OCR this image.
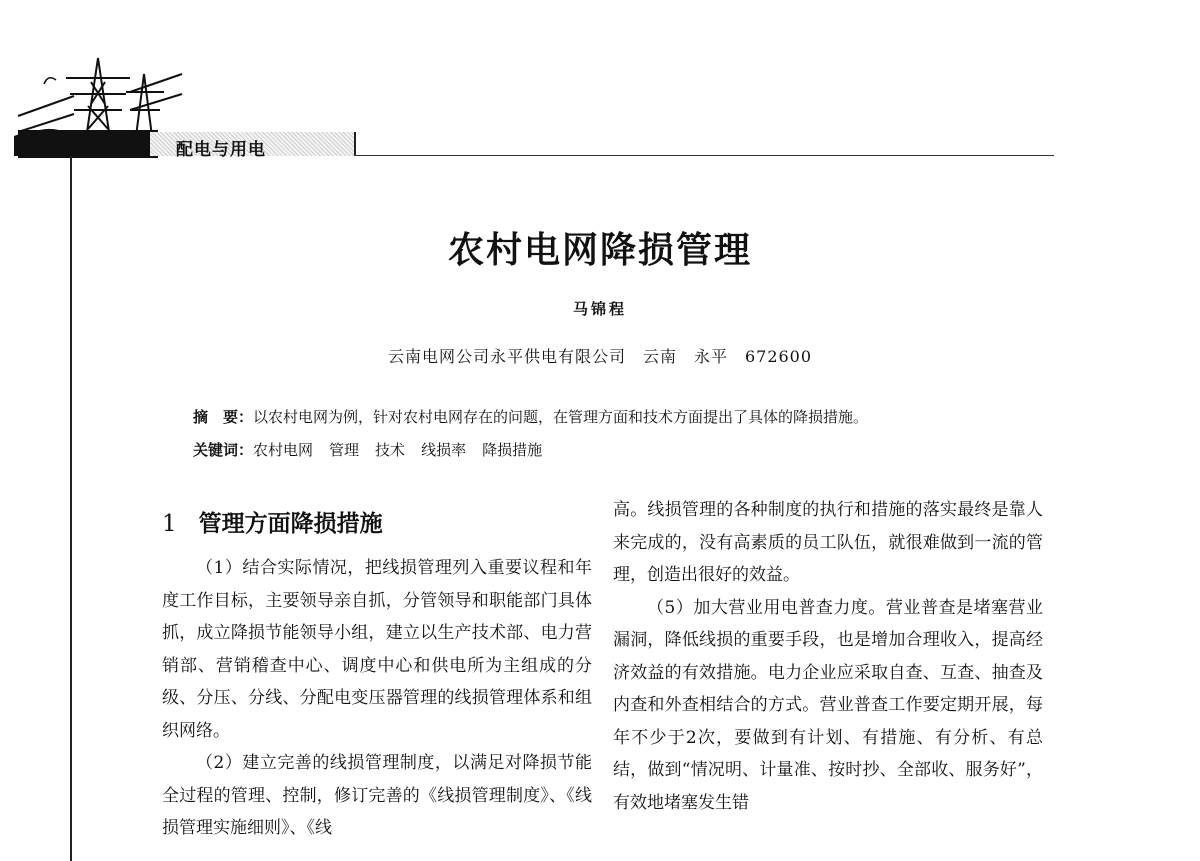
配电与用电
农村电网降损管理
马锦程
云南电网公司永平供电有限公司　云南　永平　672600
摘　要：以农村电网为例，针对农村电网存在的问题，在管理方面和技术方面提出了具体的降损措施。
关键词：农村电网 管理 技术 线损率 降损措施
1 管理方面降损措施

（1）结合实际情况，把线损管理列入重要议程和年度工作目标，主要领导亲自抓，分管领导和职能部门具体抓，成立降损节能领导小组，建立以生产技术部、电力营销部、营销稽查中心、调度中心和供电所为主组成的分级、分压、分线、分配电变压器管理的线损管理体系和组织网络。

（2）建立完善的线损管理制度，以满足对降损节能全过程的管理、控制，修订完善的《线损管理制度》、《线损管理实施细则》、《线

高。线损管理的各种制度的执行和措施的落实最终是靠人来完成的，没有高素质的员工队伍，就很难做到一流的管理，创造出很好的效益。

（5）加大营业用电普查力度。营业普查是堵塞营业漏洞，降低线损的重要手段，也是增加合理收入，提高经济效益的有效措施。电力企业应采取自查、互查、抽查及内查和外查相结合的方式。营业普查工作要定期开展，每年不少于2次，要做到有计划、有措施、有分析、有总结，做到“情况明、计量准、按时抄、全部收、服务好”，有效地堵塞发生错
